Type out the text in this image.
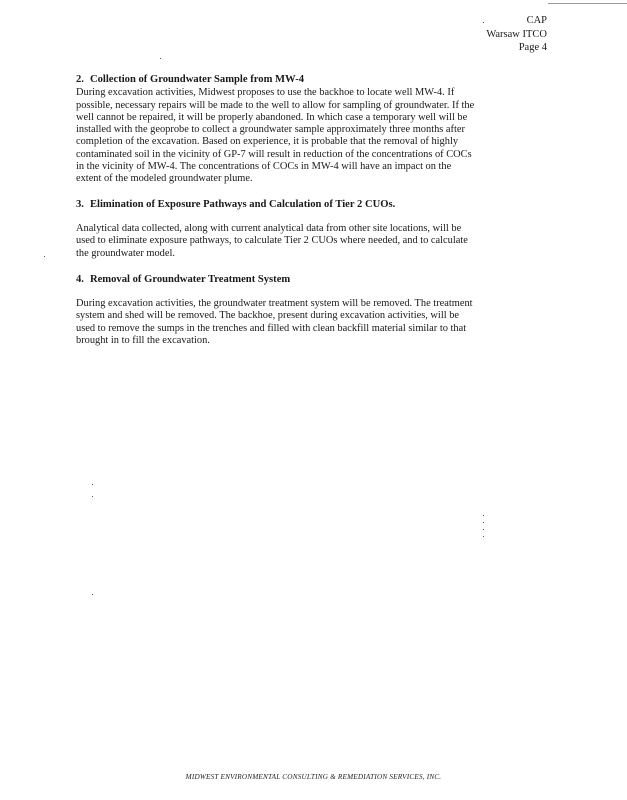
CAP
Warsaw ITCO
Page 4

2. Collection of Groundwater Sample from MW-4

During excavation activities, Midwest proposes to use the backhoe to locate well MW-4. If
possible, necessary repairs will be made to the well to allow for sampling of groundwater. If the
well cannot be repaired, it will be properly abandoned. In which case a temporary well will be
installed with the geoprobe to collect a groundwater sample approximately three months after
completion of the excavation. Based on experience, it is probable that the removal of highly
contaminated soil in the vicinity of GP-7 will result in reduction of the concentrations of COCs
in the vicinity of MW-4. The concentrations of COCs in MW-4 will have an impact on the
extent of the modeled groundwater plume.

3. Elimination of Exposure Pathways and Calculation of Tier 2 CUOs.

Analytical data collected, along with current analytical data from other site locations, will be
used to eliminate exposure pathways, to calculate Tier 2 CUOs where needed, and to calculate
the groundwater model.

4. Removal of Groundwater Treatment System

During excavation activities, the groundwater treatment system will be removed. The treatment
system and shed will be removed. The backhoe, present during excavation activities, will be
used to remove the sumps in the trenches and filled with clean backfill material similar to that
brought in to fill the excavation.

MIDWEST ENVIRONMENTAL CONSULTING & REMEDIATION SERVICES, INC.
